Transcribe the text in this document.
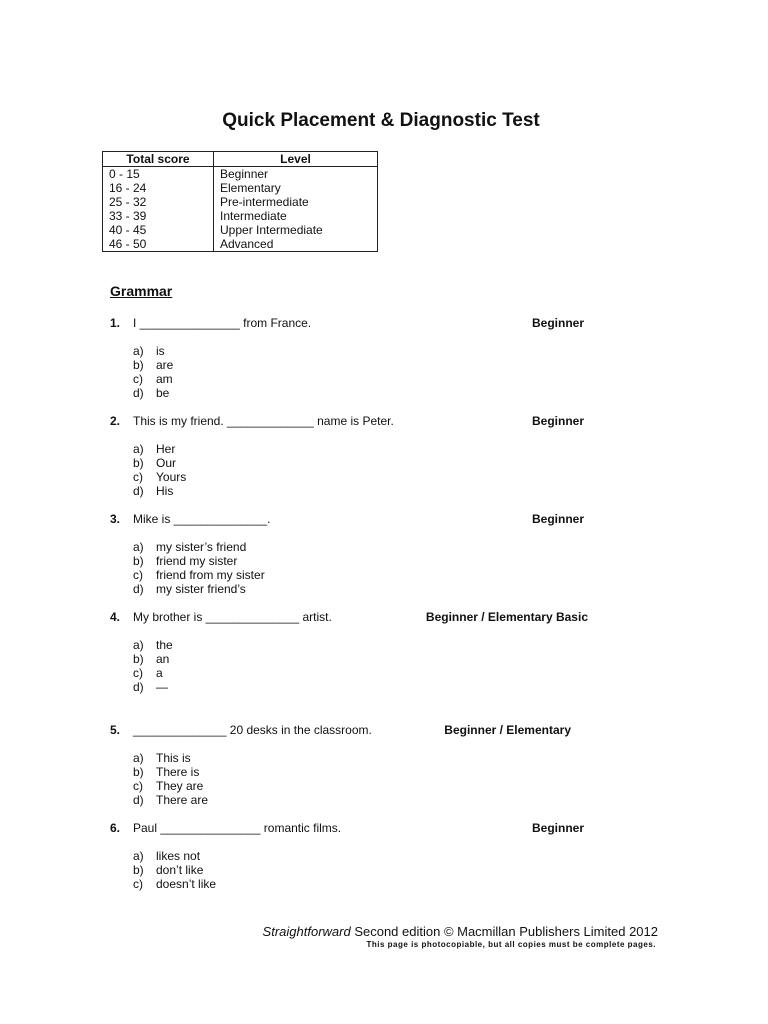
Quick Placement & Diagnostic Test
Total score	Level
0 - 15	Beginner
16 - 24	Elementary
25 - 32	Pre-intermediate
33 - 39	Intermediate
40 - 45	Upper Intermediate
46 - 50	Advanced
Grammar
1. I _______________ from France.	Beginner
a) is
b) are
c) am
d) be
2. This is my friend. _____________ name is Peter.	Beginner
a) Her
b) Our
c) Yours
d) His
3. Mike is ______________.	Beginner
a) my sister’s friend
b) friend my sister
c) friend from my sister
d) my sister friend’s
4. My brother is ______________ artist.	Beginner / Elementary Basic
a) the
b) an
c) a
d) —
5. ______________ 20 desks in the classroom.	Beginner / Elementary
a) This is
b) There is
c) They are
d) There are
6. Paul _______________ romantic films.	Beginner
a) likes not
b) don’t like
c) doesn’t like
Straightforward Second edition © Macmillan Publishers Limited 2012
This page is photocopiable, but all copies must be complete pages.
